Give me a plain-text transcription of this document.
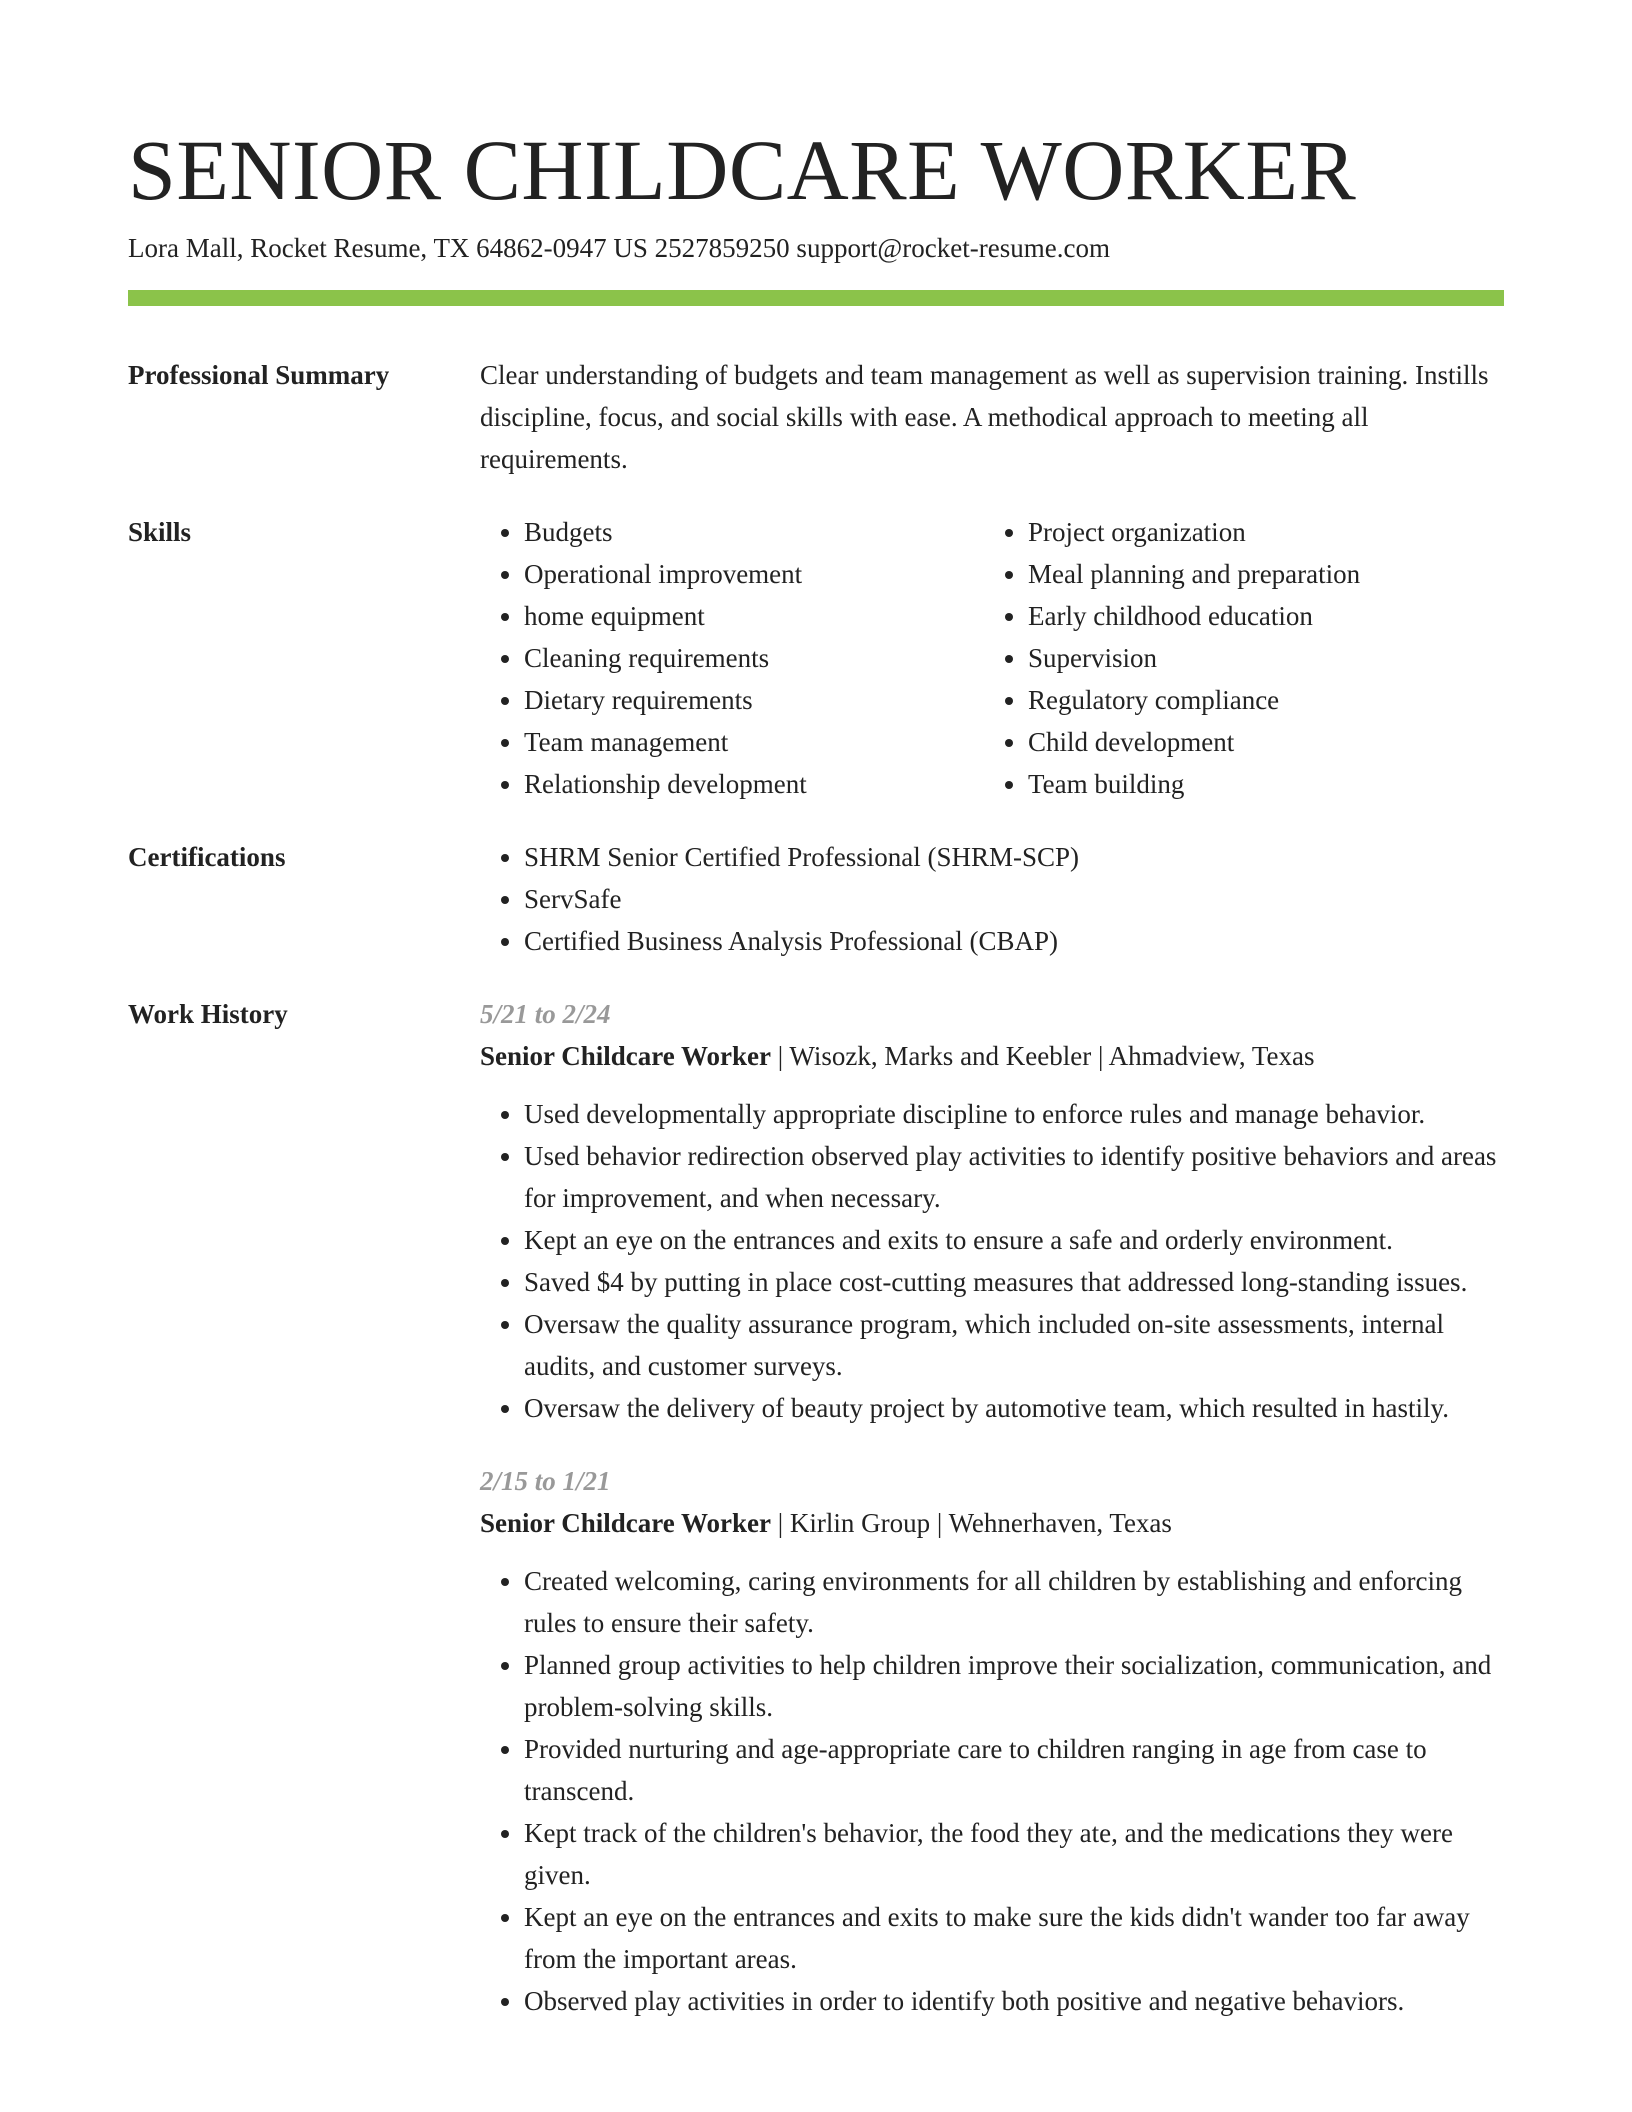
SENIOR CHILDCARE WORKER
Lora Mall, Rocket Resume, TX 64862-0947 US 2527859250 support@rocket-resume.com
Professional Summary	Clear understanding of budgets and team management as well as supervision training. Instills discipline, focus, and social skills with ease. A methodical approach to meeting all requirements.
Skills	• Budgets
• Operational improvement
• home equipment
• Cleaning requirements
• Dietary requirements
• Team management
• Relationship development
• Project organization
• Meal planning and preparation
• Early childhood education
• Supervision
• Regulatory compliance
• Child development
• Team building
Certifications	• SHRM Senior Certified Professional (SHRM-SCP)
• ServSafe
• Certified Business Analysis Professional (CBAP)
Work History	5/21 to 2/24
Senior Childcare Worker | Wisozk, Marks and Keebler | Ahmadview, Texas
• Used developmentally appropriate discipline to enforce rules and manage behavior.
• Used behavior redirection observed play activities to identify positive behaviors and areas for improvement, and when necessary.
• Kept an eye on the entrances and exits to ensure a safe and orderly environment.
• Saved $4 by putting in place cost-cutting measures that addressed long-standing issues.
• Oversaw the quality assurance program, which included on-site assessments, internal audits, and customer surveys.
• Oversaw the delivery of beauty project by automotive team, which resulted in hastily.
2/15 to 1/21
Senior Childcare Worker | Kirlin Group | Wehnerhaven, Texas
• Created welcoming, caring environments for all children by establishing and enforcing rules to ensure their safety.
• Planned group activities to help children improve their socialization, communication, and problem-solving skills.
• Provided nurturing and age-appropriate care to children ranging in age from case to transcend.
• Kept track of the children's behavior, the food they ate, and the medications they were given.
• Kept an eye on the entrances and exits to make sure the kids didn't wander too far away from the important areas.
• Observed play activities in order to identify both positive and negative behaviors.
